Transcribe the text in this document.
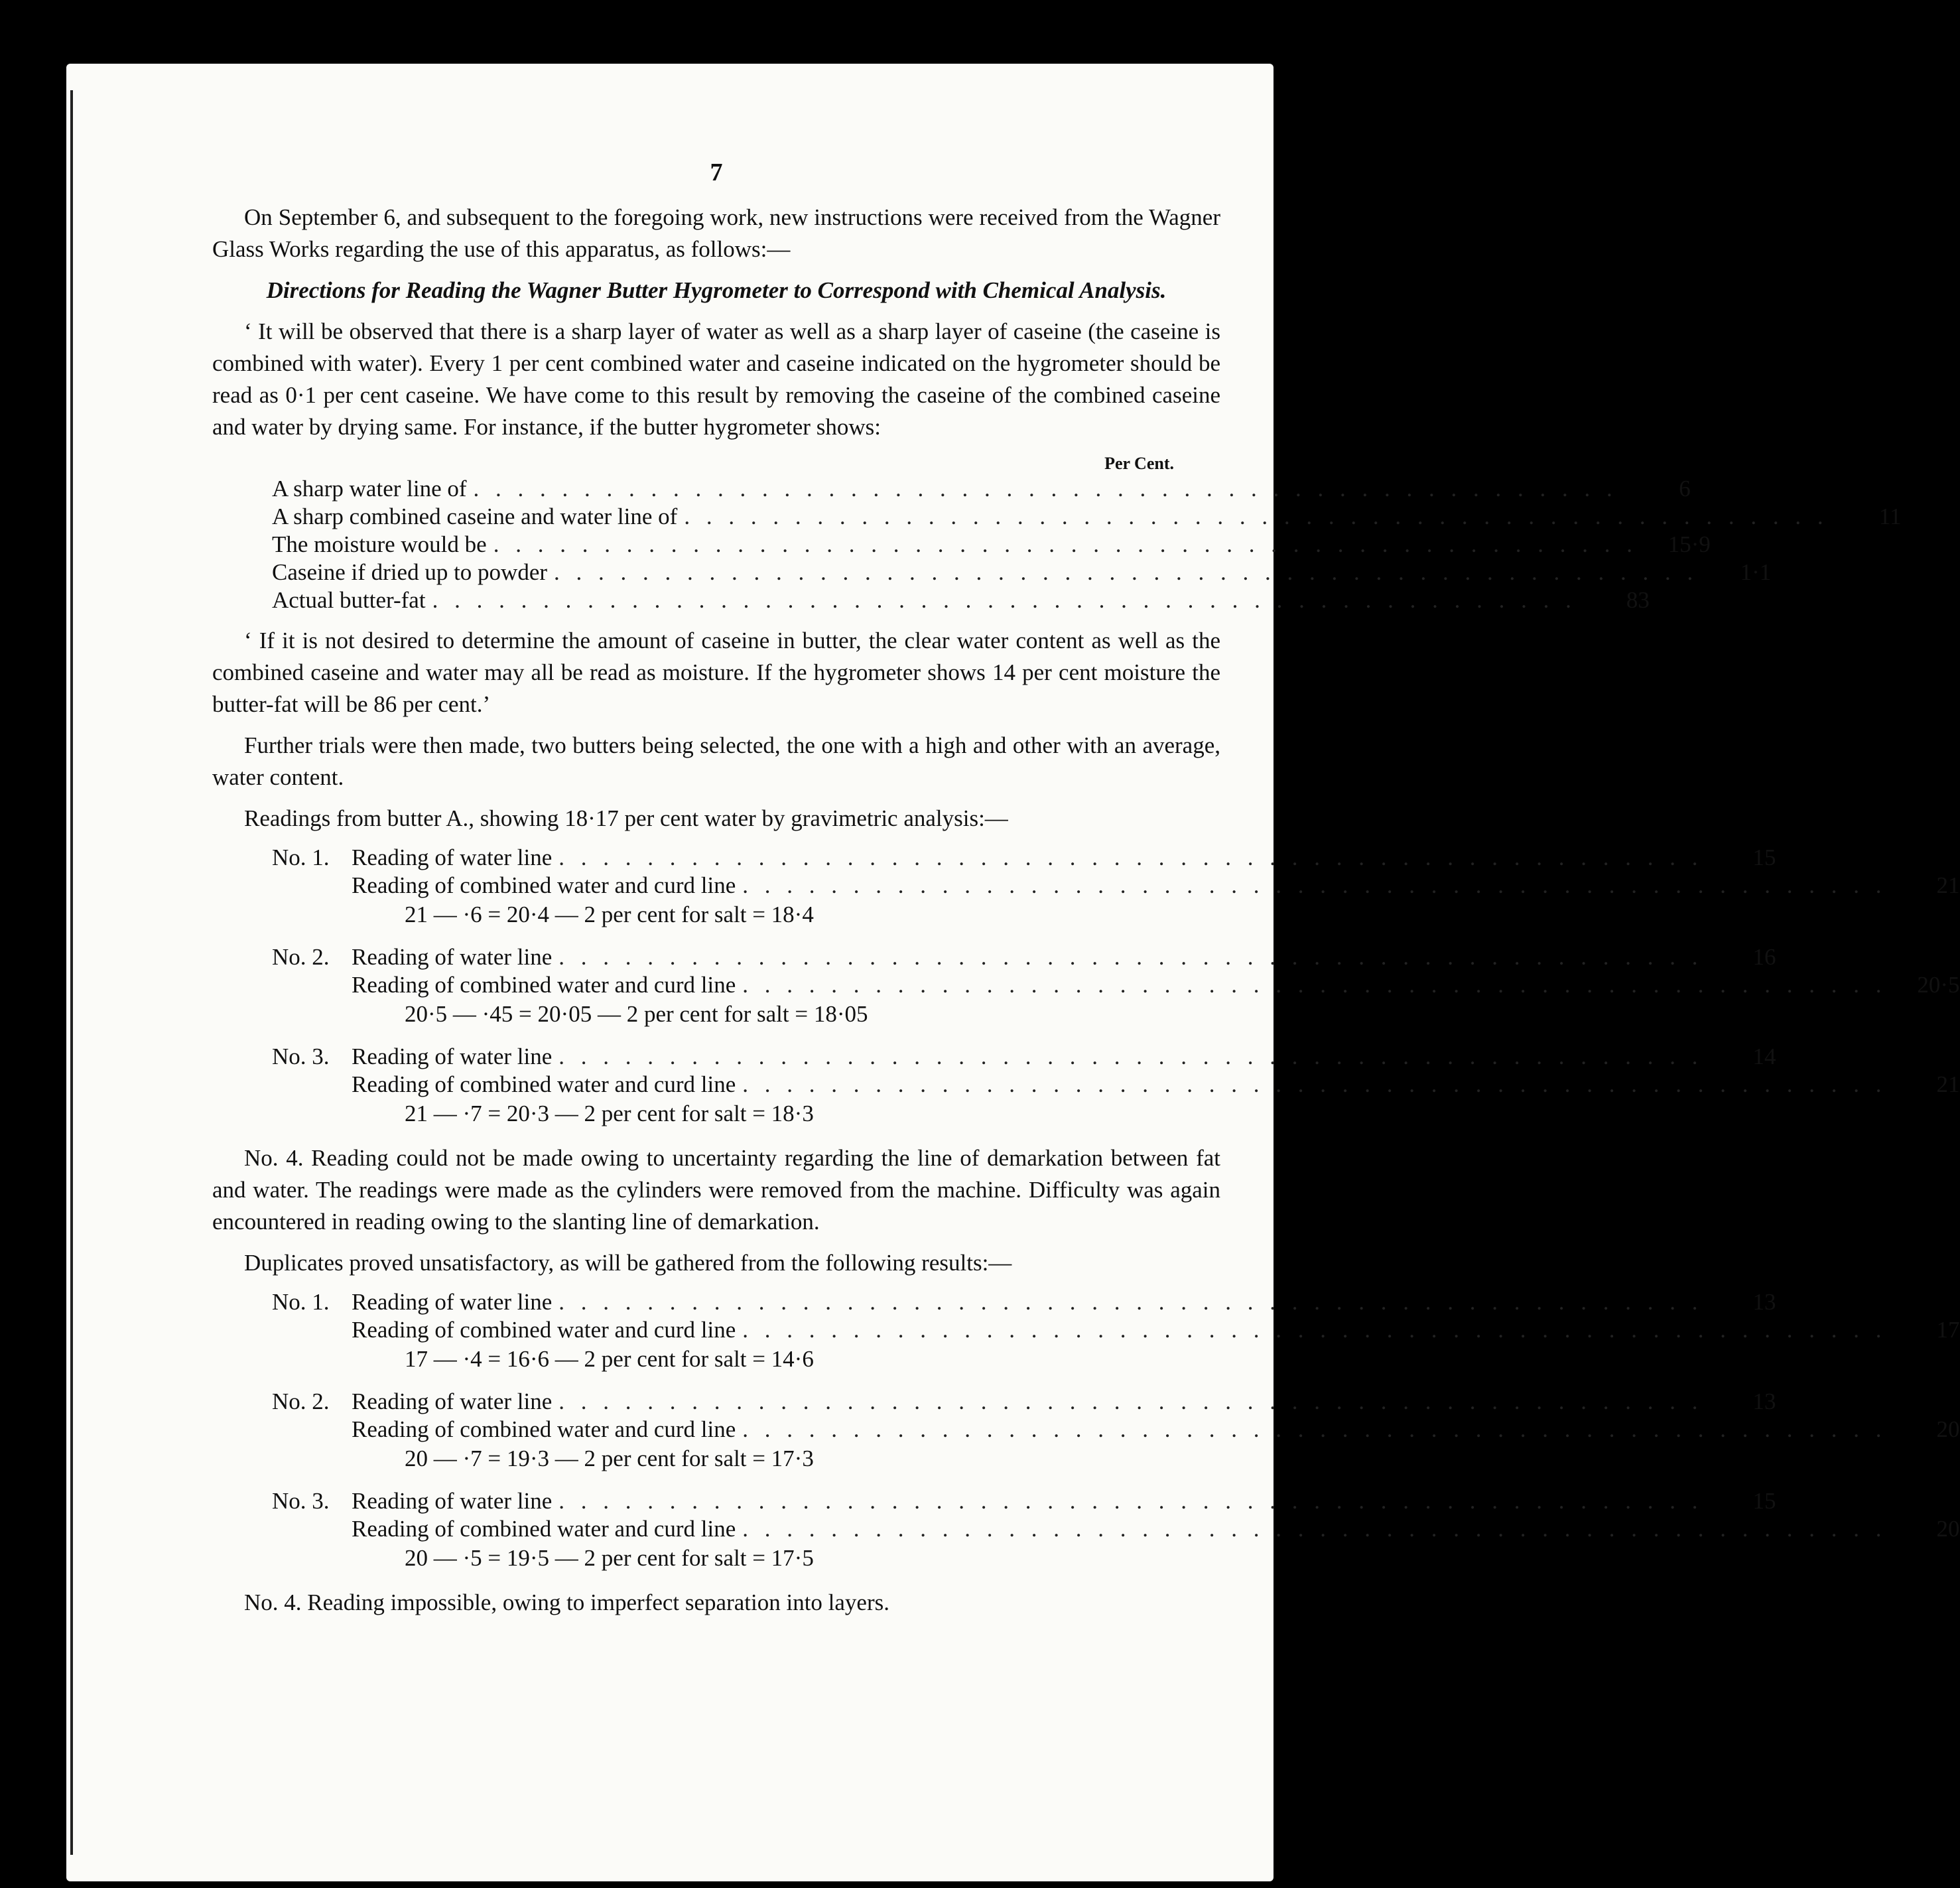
7

On September 6, and subsequent to the foregoing work, new instructions were received from the Wagner Glass Works regarding the use of this apparatus, as follows:—

Directions for Reading the Wagner Butter Hygrometer to Correspond with Chemical Analysis.

‘ It will be observed that there is a sharp layer of water as well as a sharp layer of caseine (the caseine is combined with water). Every 1 per cent combined water and caseine indicated on the hygrometer should be read as 0·1 per cent caseine. We have come to this result by removing the caseine of the combined caseine and water by drying same. For instance, if the butter hygrometer shows:

Per Cent.
A sharp water line of . . . . . . . . . . . . . . . . . . . . . . . . . . . . . . . . . . . . . . . . . . . . . . . . . . . .	6
A sharp combined caseine and water line of . . . . . . . . . . . . . . . . . . . . . . . . . . . . . . . . . . . . . . . . . . . . . . . . . . . .	11
The moisture would be . . . . . . . . . . . . . . . . . . . . . . . . . . . . . . . . . . . . . . . . . . . . . . . . . . . .	15·9
Caseine if dried up to powder . . . . . . . . . . . . . . . . . . . . . . . . . . . . . . . . . . . . . . . . . . . . . . . . . . . .	1·1
Actual butter-fat . . . . . . . . . . . . . . . . . . . . . . . . . . . . . . . . . . . . . . . . . . . . . . . . . . . .	83

‘ If it is not desired to determine the amount of caseine in butter, the clear water content as well as the combined caseine and water may all be read as moisture. If the hygrometer shows 14 per cent moisture the butter-fat will be 86 per cent.’

Further trials were then made, two butters being selected, the one with a high and other with an average, water content.

Readings from butter A., showing 18·17 per cent water by gravimetric analysis:—

No. 1. Reading of water line . . . . . . . . . . . . . . . . . . . . . . . . . . . . . . . . . . . . . . . . . . . . . . . . . . . .	15
Reading of combined water and curd line . . . . . . . . . . . . . . . . . . . . . . . . . . . . . . . . . . . . . . . . . . . . . . . . . . . .	21
21 — ·6 = 20·4 — 2 per cent for salt = 18·4
No. 2. Reading of water line . . . . . . . . . . . . . . . . . . . . . . . . . . . . . . . . . . . . . . . . . . . . . . . . . . . .	16
Reading of combined water and curd line . . . . . . . . . . . . . . . . . . . . . . . . . . . . . . . . . . . . . . . . . . . . . . . . . . . .	20·5
20·5 — ·45 = 20·05 — 2 per cent for salt = 18·05
No. 3. Reading of water line . . . . . . . . . . . . . . . . . . . . . . . . . . . . . . . . . . . . . . . . . . . . . . . . . . . .	14
Reading of combined water and curd line . . . . . . . . . . . . . . . . . . . . . . . . . . . . . . . . . . . . . . . . . . . . . . . . . . . .	21
21 — ·7 = 20·3 — 2 per cent for salt = 18·3

No. 4. Reading could not be made owing to uncertainty regarding the line of demarkation between fat and water. The readings were made as the cylinders were removed from the machine. Difficulty was again encountered in reading owing to the slanting line of demarkation.

Duplicates proved unsatisfactory, as will be gathered from the following results:—

No. 1. Reading of water line . . . . . . . . . . . . . . . . . . . . . . . . . . . . . . . . . . . . . . . . . . . . . . . . . . . .	13
Reading of combined water and curd line . . . . . . . . . . . . . . . . . . . . . . . . . . . . . . . . . . . . . . . . . . . . . . . . . . . .	17
17 — ·4 = 16·6 — 2 per cent for salt = 14·6
No. 2. Reading of water line . . . . . . . . . . . . . . . . . . . . . . . . . . . . . . . . . . . . . . . . . . . . . . . . . . . .	13
Reading of combined water and curd line . . . . . . . . . . . . . . . . . . . . . . . . . . . . . . . . . . . . . . . . . . . . . . . . . . . .	20
20 — ·7 = 19·3 — 2 per cent for salt = 17·3
No. 3. Reading of water line . . . . . . . . . . . . . . . . . . . . . . . . . . . . . . . . . . . . . . . . . . . . . . . . . . . .	15
Reading of combined water and curd line . . . . . . . . . . . . . . . . . . . . . . . . . . . . . . . . . . . . . . . . . . . . . . . . . . . .	20
20 — ·5 = 19·5 — 2 per cent for salt = 17·5

No. 4. Reading impossible, owing to imperfect separation into layers.
